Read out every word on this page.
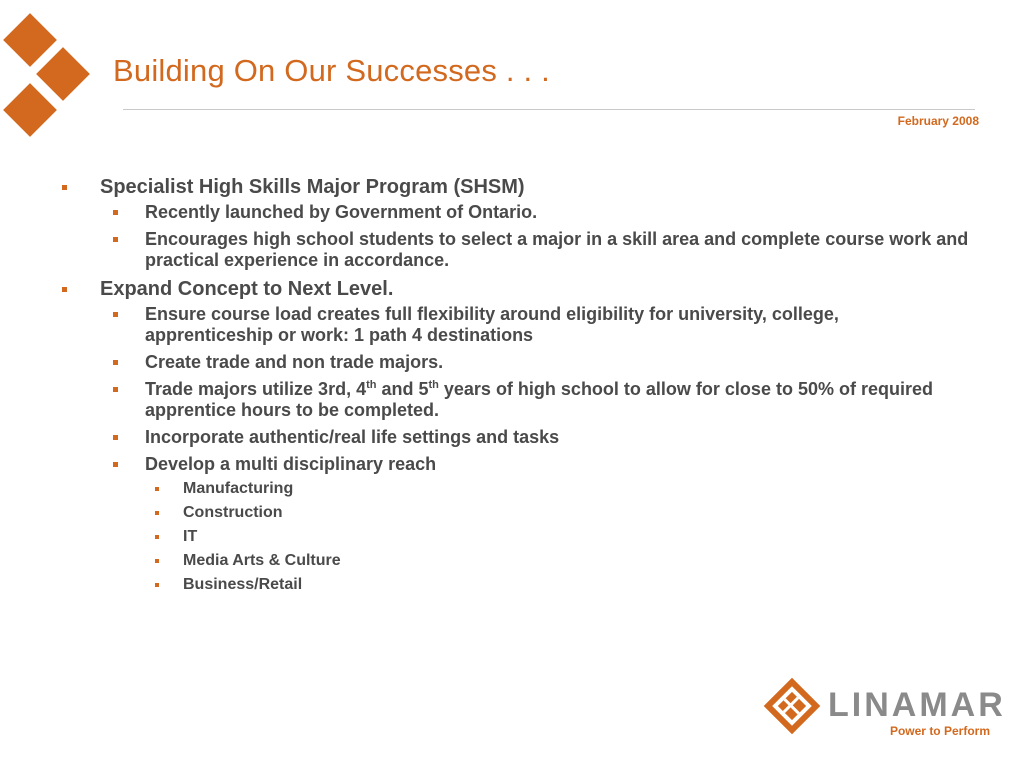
Building On Our Successes . . .
February 2008
Specialist High Skills Major Program (SHSM)
Recently launched by Government of Ontario.
Encourages high school students to select a major in a skill area and complete course work and practical experience in accordance.
Expand Concept to Next Level.
Ensure course load creates full flexibility around eligibility for university, college, apprenticeship or work: 1 path 4 destinations
Create trade and non trade majors.
Trade majors utilize 3rd, 4th and 5th years of high school to allow for close to 50% of required apprentice hours to be completed.
Incorporate authentic/real life settings and tasks
Develop a multi disciplinary reach
Manufacturing
Construction
IT
Media Arts & Culture
Business/Retail
LINAMAR
Power to Perform
